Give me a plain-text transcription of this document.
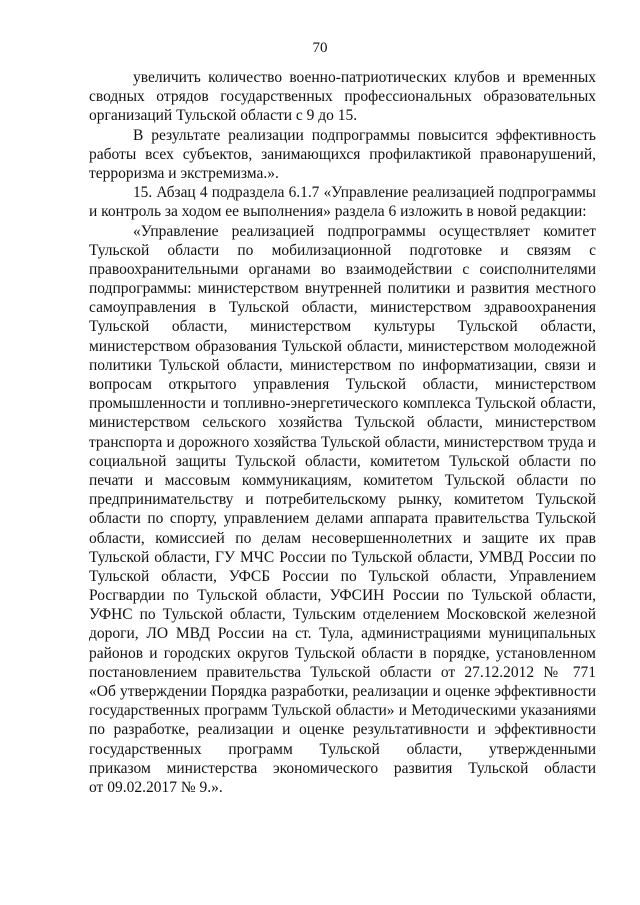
70
увеличить количество военно-патриотических клубов и временных
сводных отрядов государственных профессиональных образовательных
организаций Тульской области с 9 до 15.
В результате реализации подпрограммы повысится эффективность
работы всех субъектов, занимающихся профилактикой правонарушений,
терроризма и экстремизма.».
15. Абзац 4 подраздела 6.1.7 «Управление реализацией подпрограммы
и контроль за ходом ее выполнения» раздела 6 изложить в новой редакции:
«Управление реализацией подпрограммы осуществляет комитет
Тульской области по мобилизационной подготовке и связям с
правоохранительными органами во взаимодействии с соисполнителями
подпрограммы: министерством внутренней политики и развития местного
самоуправления в Тульской области, министерством здравоохранения
Тульской области, министерством культуры Тульской области,
министерством образования Тульской области, министерством молодежной
политики Тульской области, министерством по информатизации, связи и
вопросам открытого управления Тульской области, министерством
промышленности и топливно-энергетического комплекса Тульской области,
министерством сельского хозяйства Тульской области, министерством
транспорта и дорожного хозяйства Тульской области, министерством труда и
социальной защиты Тульской области, комитетом Тульской области по
печати и массовым коммуникациям, комитетом Тульской области по
предпринимательству и потребительскому рынку, комитетом Тульской
области по спорту, управлением делами аппарата правительства Тульской
области, комиссией по делам несовершеннолетних и защите их прав
Тульской области, ГУ МЧС России по Тульской области, УМВД России по
Тульской области, УФСБ России по Тульской области, Управлением
Росгвардии по Тульской области, УФСИН России по Тульской области,
УФНС по Тульской области, Тульским отделением Московской железной
дороги, ЛО МВД России на ст. Тула, администрациями муниципальных
районов и городских округов Тульской области в порядке, установленном
постановлением правительства Тульской области от 27.12.2012 № 771
«Об утверждении Порядка разработки, реализации и оценке эффективности
государственных программ Тульской области» и Методическими указаниями
по разработке, реализации и оценке результативности и эффективности
государственных программ Тульской области, утвержденными
приказом министерства экономического развития Тульской области
от 09.02.2017 № 9.».
